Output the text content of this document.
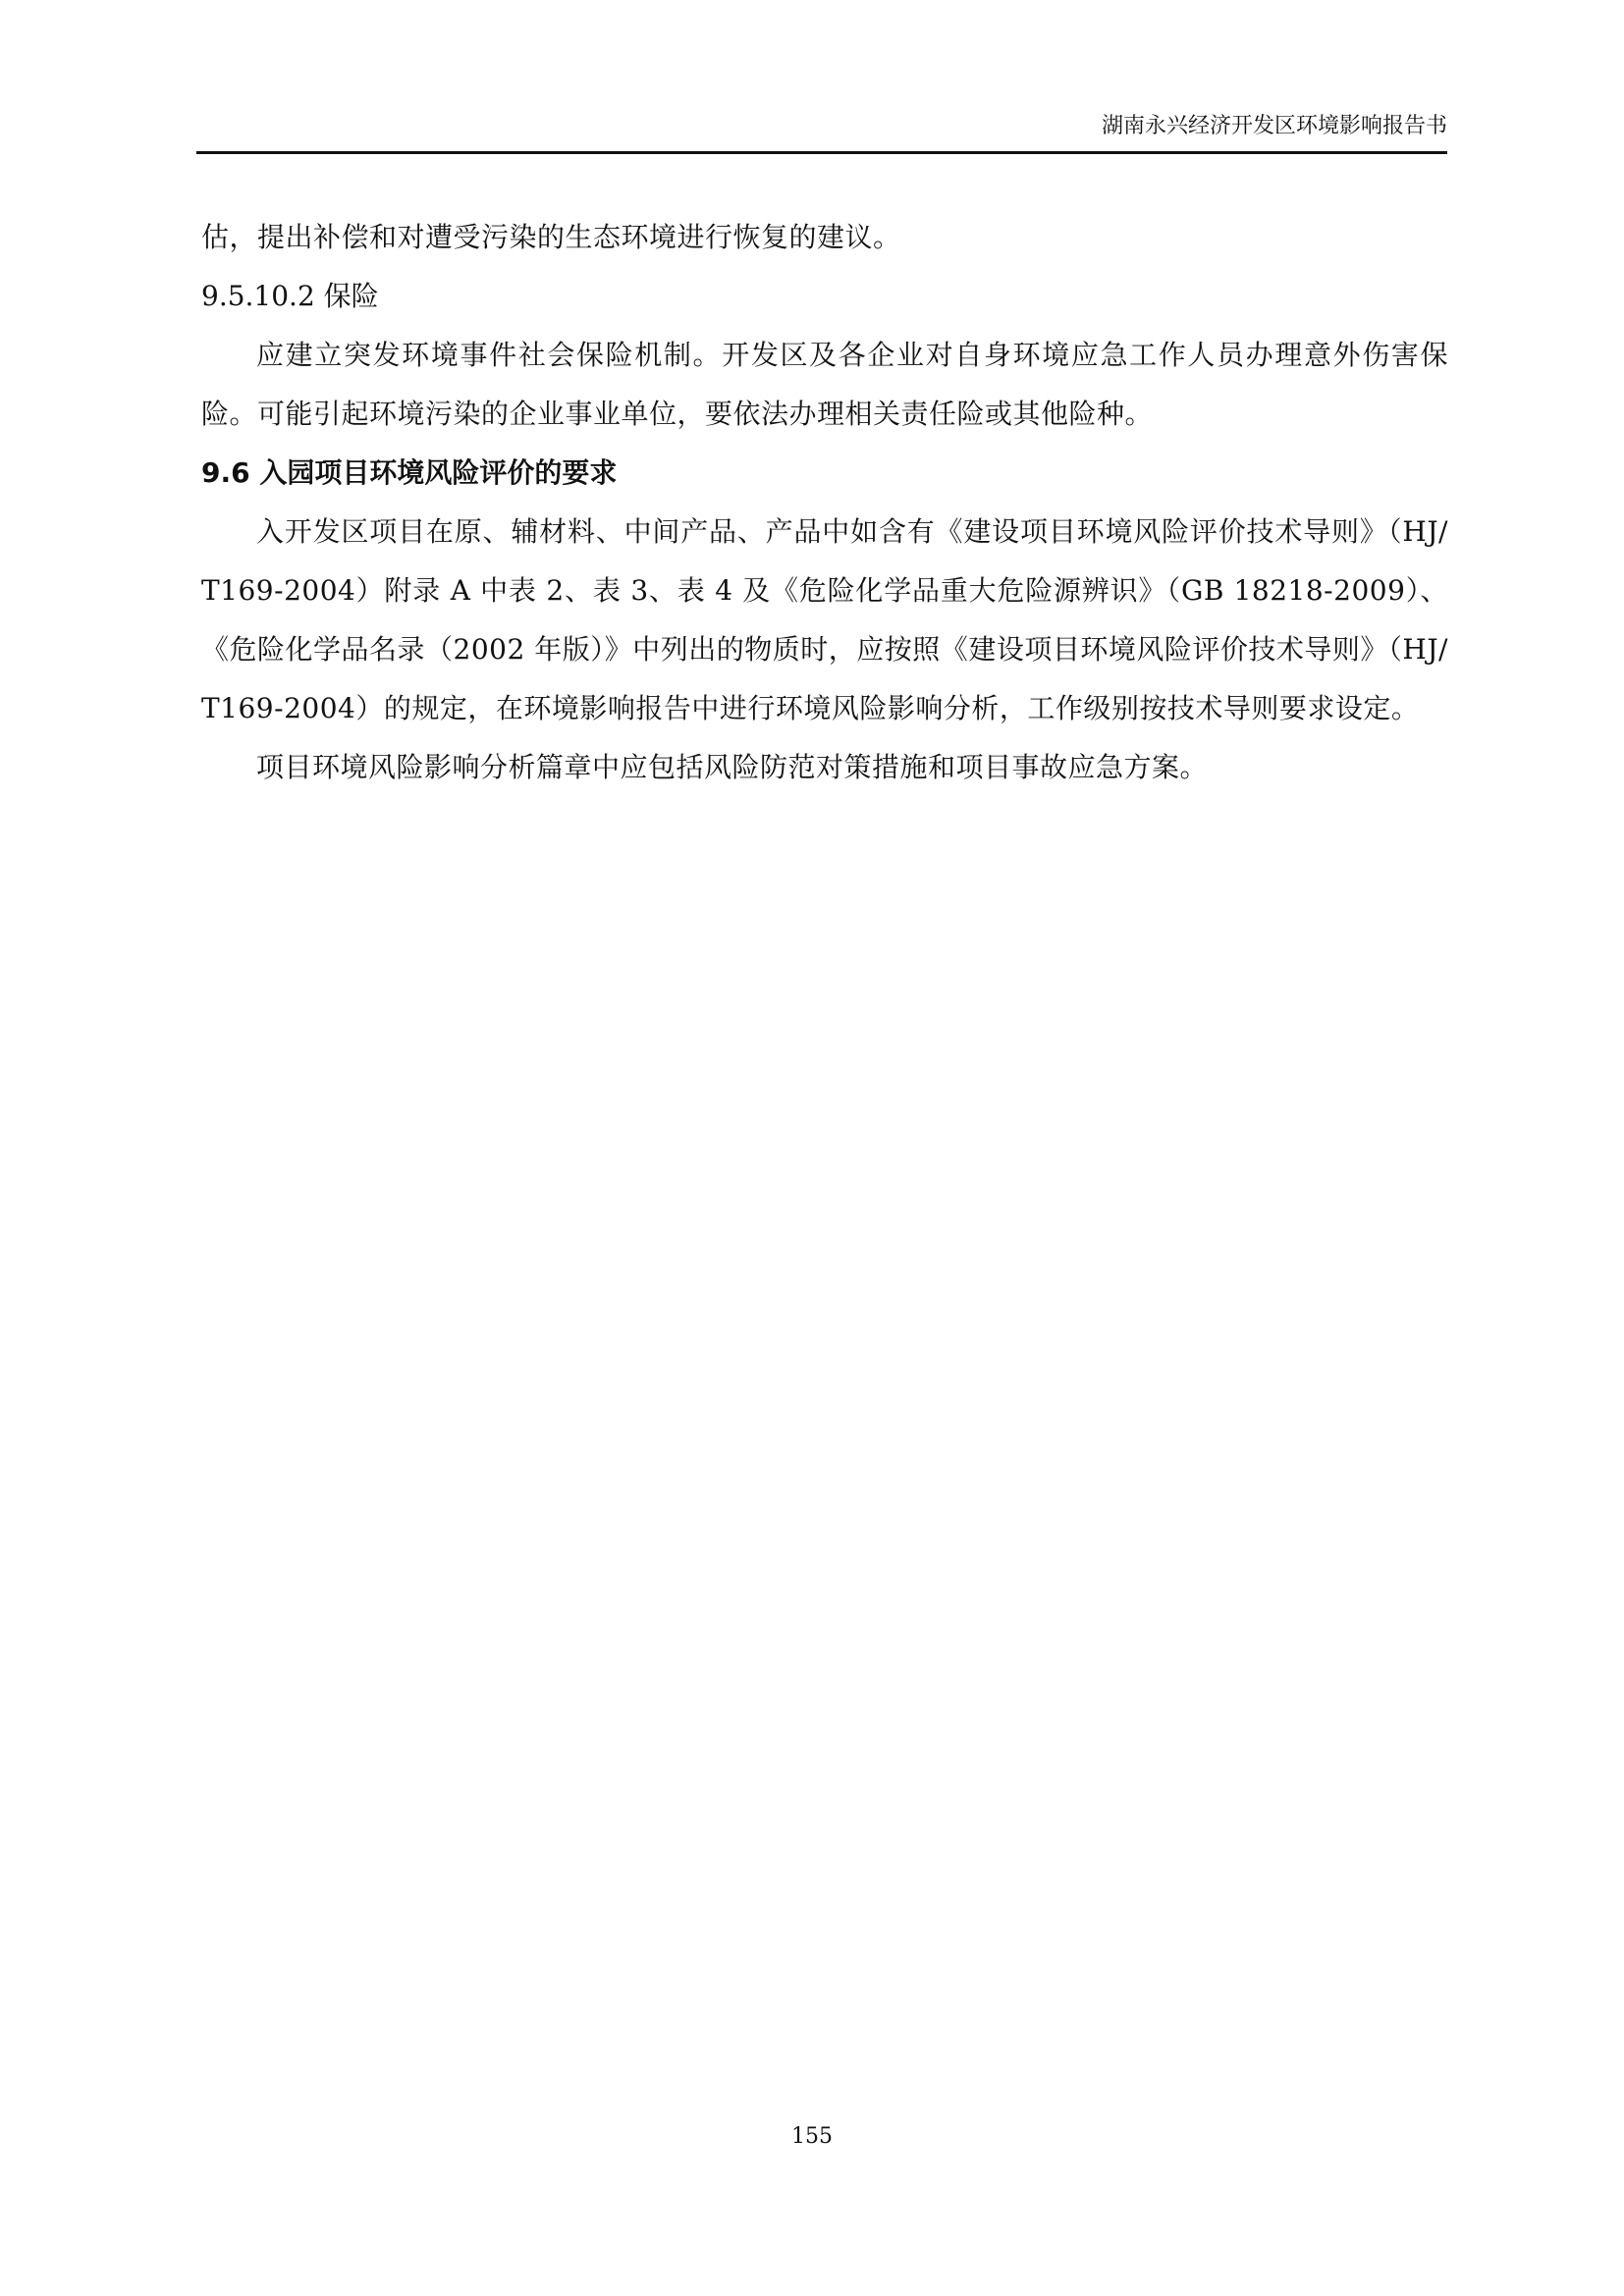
湖南永兴经济开发区环境影响报告书

估，提出补偿和对遭受污染的生态环境进行恢复的建议。

9.5.10.2 保险

应建立突发环境事件社会保险机制。开发区及各企业对自身环境应急工作人员办理意外伤害保险。可能引起环境污染的企业事业单位，要依法办理相关责任险或其他险种。

9.6 入园项目环境风险评价的要求

入开发区项目在原、辅材料、中间产品、产品中如含有《建设项目环境风险评价技术导则》（HJ/T169-2004）附录 A 中表 2、表 3、表 4 及《危险化学品重大危险源辨识》（GB 18218-2009）、《危险化学品名录（2002 年版）》中列出的物质时，应按照《建设项目环境风险评价技术导则》（HJ/T169-2004）的规定，在环境影响报告中进行环境风险影响分析，工作级别按技术导则要求设定。

项目环境风险影响分析篇章中应包括风险防范对策措施和项目事故应急方案。

155
